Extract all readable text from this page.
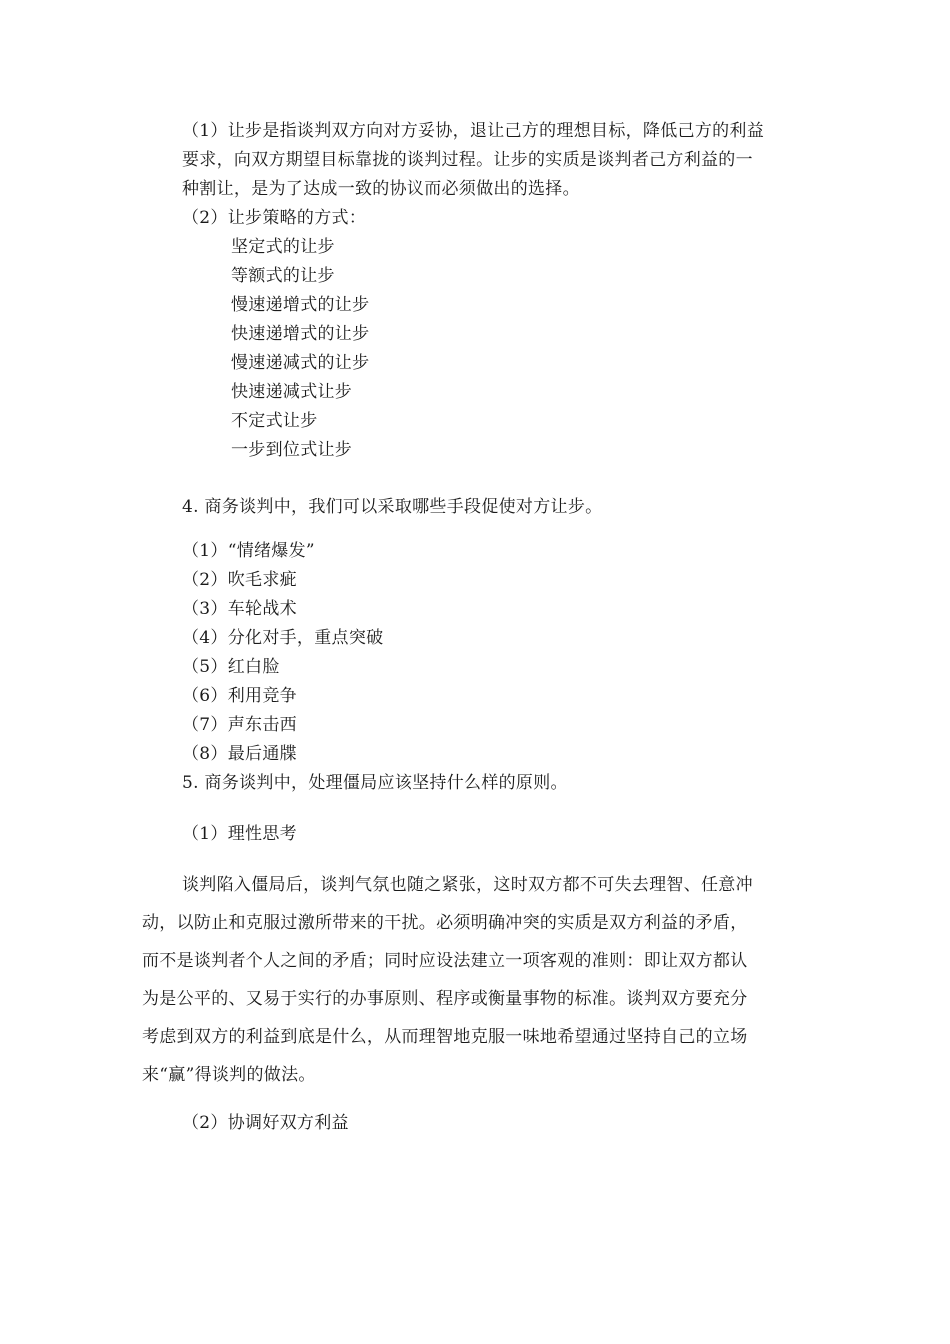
（1）让步是指谈判双方向对方妥协，退让己方的理想目标，降低己方的利益
要求，向双方期望目标靠拢的谈判过程。让步的实质是谈判者己方利益的一
种割让，是为了达成一致的协议而必须做出的选择。
（2）让步策略的方式：
坚定式的让步
等额式的让步
慢速递增式的让步
快速递增式的让步
慢速递减式的让步
快速递减式让步
不定式让步
一步到位式让步
4. 商务谈判中，我们可以采取哪些手段促使对方让步。
（1）“情绪爆发”
（2）吹毛求疵
（3）车轮战术
（4）分化对手，重点突破
（5）红白脸
（6）利用竞争
（7）声东击西
（8）最后通牒
5. 商务谈判中，处理僵局应该坚持什么样的原则。
（1）理性思考
谈判陷入僵局后，谈判气氛也随之紧张，这时双方都不可失去理智、任意冲
动，以防止和克服过激所带来的干扰。必须明确冲突的实质是双方利益的矛盾，
而不是谈判者个人之间的矛盾；同时应设法建立一项客观的准则：即让双方都认
为是公平的、又易于实行的办事原则、程序或衡量事物的标准。谈判双方要充分
考虑到双方的利益到底是什么，从而理智地克服一味地希望通过坚持自己的立场
来“赢”得谈判的做法。
（2）协调好双方利益
